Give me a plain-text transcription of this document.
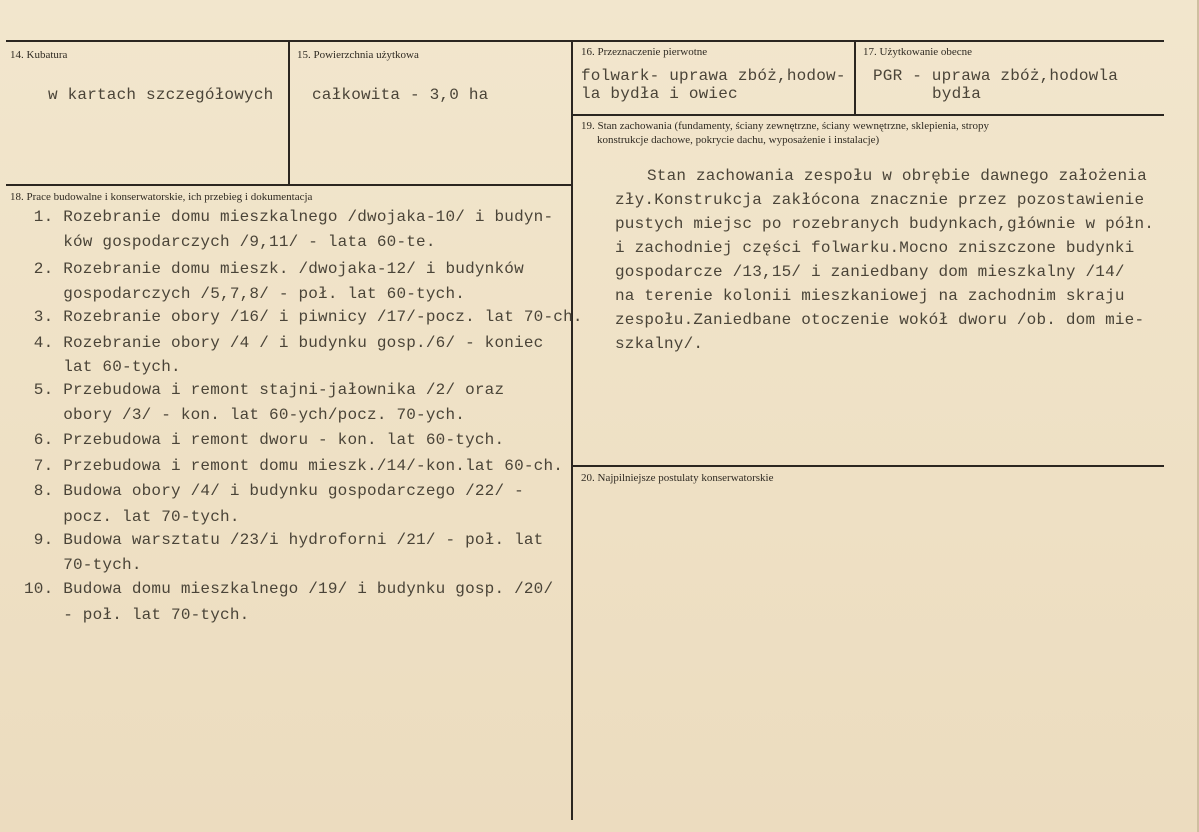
14. Kubatura
w kartach szczegółowych
15. Powierzchnia użytkowa
całkowita - 3,0 ha
16. Przeznaczenie pierwotne
folwark- uprawa zbóż,hodow-
la bydła i owiec
17. Użytkowanie obecne
PGR - uprawa zbóż,hodowla
bydła
19. Stan zachowania (fundamenty, ściany zewnętrzne, ściany wewnętrzne, sklepienia, stropy
konstrukcje dachowe, pokrycie dachu, wyposażenie i instalacje)
Stan zachowania zespołu w obrębie dawnego założenia
zły.Konstrukcja zakłócona znacznie przez pozostawienie
pustych miejsc po rozebranych budynkach,głównie w półn.
i zachodniej części folwarku.Mocno zniszczone budynki
gospodarcze /13,15/ i zaniedbany dom mieszkalny /14/
na terenie kolonii mieszkaniowej na zachodnim skraju
zespołu.Zaniedbane otoczenie wokół dworu /ob. dom mie-
szkalny/.
18. Prace budowalne i konserwatorskie, ich przebieg i dokumentacja
1. Rozebranie domu mieszkalnego /dwojaka-10/ i budyn-
ków gospodarczych /9,11/ - lata 60-te.
2. Rozebranie domu mieszk. /dwojaka-12/ i budynków
gospodarczych /5,7,8/ - poł. lat 60-tych.
3. Rozebranie obory /16/ i piwnicy /17/-pocz. lat 70-ch.
4. Rozebranie obory /4 / i budynku gosp./6/ - koniec
lat 60-tych.
5. Przebudowa i remont stajni-jałownika /2/ oraz
obory /3/ - kon. lat 60-ych/pocz. 70-ych.
6. Przebudowa i remont dworu - kon. lat 60-tych.
7. Przebudowa i remont domu mieszk./14/-kon.lat 60-ch.
8. Budowa obory /4/ i budynku gospodarczego /22/ -
pocz. lat 70-tych.
9. Budowa warsztatu /23/i hydroforni /21/ - poł. lat
70-tych.
10. Budowa domu mieszkalnego /19/ i budynku gosp. /20/
- poł. lat 70-tych.
20. Najpilniejsze postulaty konserwatorskie
